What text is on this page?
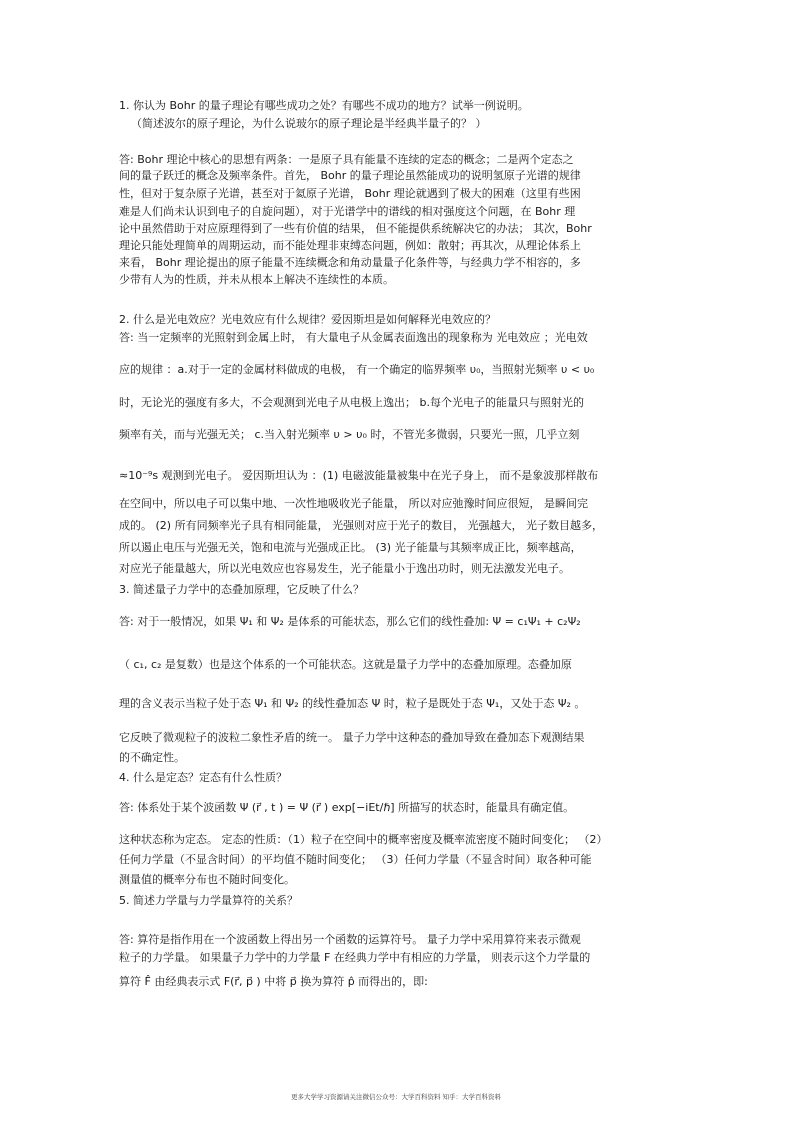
1. 你认为 Bohr 的量子理论有哪些成功之处？有哪些不成功的地方？试举一例说明。
（简述波尔的原子理论，为什么说玻尔的原子理论是半经典半量子的？ ）
答: Bohr 理论中核心的思想有两条：一是原子具有能量不连续的定态的概念；二是两个定态之
间的量子跃迁的概念及频率条件。首先， Bohr 的量子理论虽然能成功的说明氢原子光谱的规律
性，但对于复杂原子光谱，甚至对于氦原子光谱， Bohr 理论就遇到了极大的困难（这里有些困
难是人们尚未认识到电子的自旋问题），对于光谱学中的谱线的相对强度这个问题，在 Bohr 理
论中虽然借助于对应原理得到了一些有价值的结果， 但不能提供系统解决它的办法； 其次，Bohr
理论只能处理简单的周期运动，而不能处理非束缚态问题，例如：散射；再其次，从理论体系上
来看， Bohr 理论提出的原子能量不连续概念和角动量量子化条件等，与经典力学不相容的，多
少带有人为的性质，并未从根本上解决不连续性的本质。
2. 什么是光电效应？光电效应有什么规律？爱因斯坦是如何解释光电效应的？
答: 当一定频率的光照射到金属上时， 有大量电子从金属表面逸出的现象称为 光电效应 ；光电效
应的规律 ：a.对于一定的金属材料做成的电极， 有一个确定的临界频率 υ₀，当照射光频率 υ < υ₀
时，无论光的强度有多大，不会观测到光电子从电极上逸出； b.每个光电子的能量只与照射光的
频率有关，而与光强无关； c.当入射光频率 υ > υ₀ 时，不管光多微弱，只要光一照，几乎立刻
≈10⁻⁹s 观测到光电子。 爱因斯坦认为 ：(1) 电磁波能量被集中在光子身上， 而不是象波那样散布
在空间中，所以电子可以集中地、一次性地吸收光子能量， 所以对应弛豫时间应很短， 是瞬间完
成的。 (2) 所有同频率光子具有相同能量， 光强则对应于光子的数目， 光强越大， 光子数目越多，
所以遏止电压与光强无关，饱和电流与光强成正比。 (3) 光子能量与其频率成正比，频率越高，
对应光子能量越大，所以光电效应也容易发生，光子能量小于逸出功时，则无法激发光电子。
3. 简述量子力学中的态叠加原理，它反映了什么？
答: 对于一般情况，如果 Ψ₁ 和 Ψ₂ 是体系的可能状态，那么它们的线性叠加: Ψ = c₁Ψ₁ + c₂Ψ₂
（ c₁, c₂ 是复数）也是这个体系的一个可能状态。这就是量子力学中的态叠加原理。态叠加原
理的含义表示当粒子处于态 Ψ₁ 和 Ψ₂ 的线性叠加态 Ψ 时，粒子是既处于态 Ψ₁，又处于态 Ψ₂ 。
它反映了微观粒子的波粒二象性矛盾的统一。 量子力学中这种态的叠加导致在叠加态下观测结果
的不确定性。
4. 什么是定态？定态有什么性质？
答: 体系处于某个波函数 Ψ (r⃗ , t ) = Ψ (r⃗ ) exp[−iEt/ℏ] 所描写的状态时，能量具有确定值。
这种状态称为定态。 定态的性质：（1）粒子在空间中的概率密度及概率流密度不随时间变化； （2）
任何力学量（不显含时间）的平均值不随时间变化； （3）任何力学量（不显含时间）取各种可能
测量值的概率分布也不随时间变化。
5. 简述力学量与力学量算符的关系？
答: 算符是指作用在一个波函数上得出另一个函数的运算符号。 量子力学中采用算符来表示微观
粒子的力学量。 如果量子力学中的力学量 F 在经典力学中有相应的力学量， 则表示这个力学量的
算符 F̂ 由经典表示式 F(r⃗, p⃗ ) 中将 p⃗ 换为算符 p̂ 而得出的，即:
更多大学学习资源请关注微信公众号：大学百科资料 知乎：大学百科资料
